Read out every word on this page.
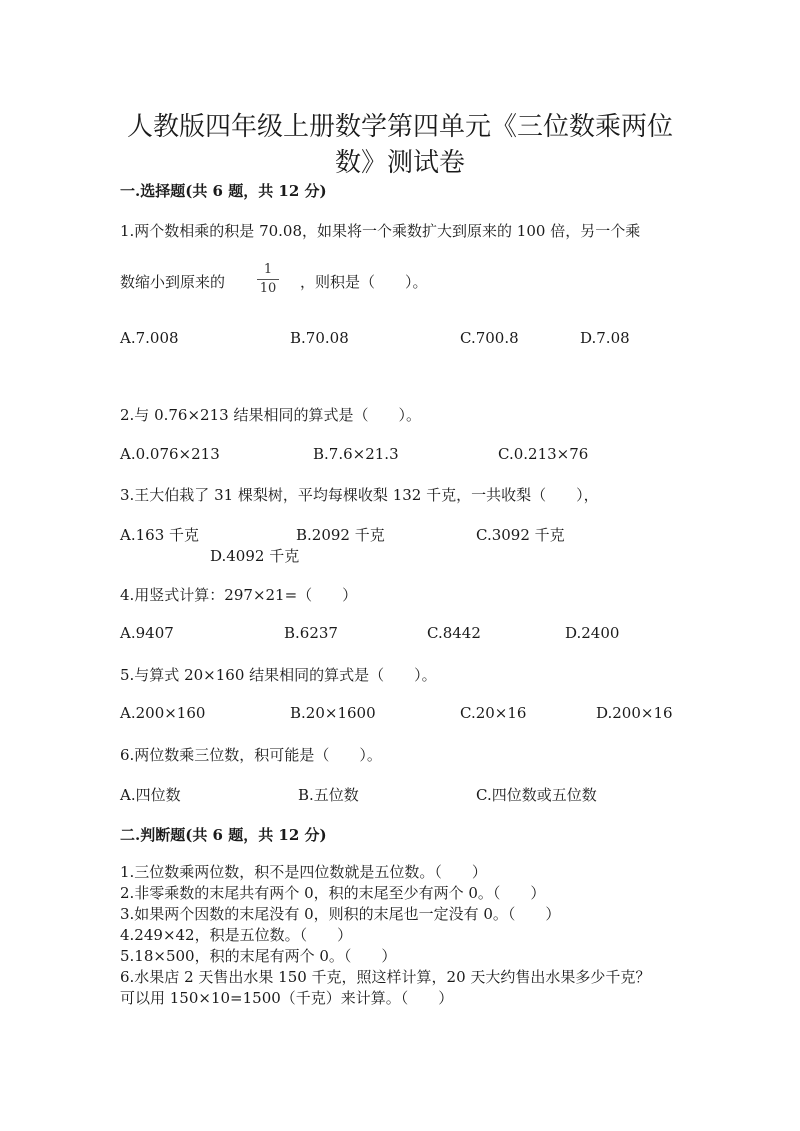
人教版四年级上册数学第四单元《三位数乘两位
数》测试卷
一.选择题(共 6 题，共 12 分)
1.两个数相乘的积是 70.08，如果将一个乘数扩大到原来的 100 倍，另一个乘
数缩小到原来的
1
10	，则积是（　　）。
A.7.008	B.70.08	C.700.8	D.7.08
2.与 0.76×213 结果相同的算式是（　　）。
A.0.076×213	B.7.6×21.3	C.0.213×76
3.王大伯栽了 31 棵梨树，平均每棵收梨 132 千克，一共收梨（　　），
A.163 千克	B.2092 千克	C.3092 千克
D.4092 千克
4.用竖式计算：297×21=（　　）
A.9407	B.6237	C.8442	D.2400
5.与算式 20×160 结果相同的算式是（　　）。
A.200×160	B.20×1600	C.20×16	D.200×16
6.两位数乘三位数，积可能是（　　）。
A.四位数	B.五位数	C.四位数或五位数
二.判断题(共 6 题，共 12 分)
1.三位数乘两位数，积不是四位数就是五位数。（　　）
2.非零乘数的末尾共有两个 0，积的末尾至少有两个 0。（　　）
3.如果两个因数的末尾没有 0，则积的末尾也一定没有 0。（　　）
4.249×42，积是五位数。（　　）
5.18×500，积的末尾有两个 0。（　　）
6.水果店 2 天售出水果 150 千克，照这样计算，20 天大约售出水果多少千克？
可以用 150×10=1500（千克）来计算。（　　）
